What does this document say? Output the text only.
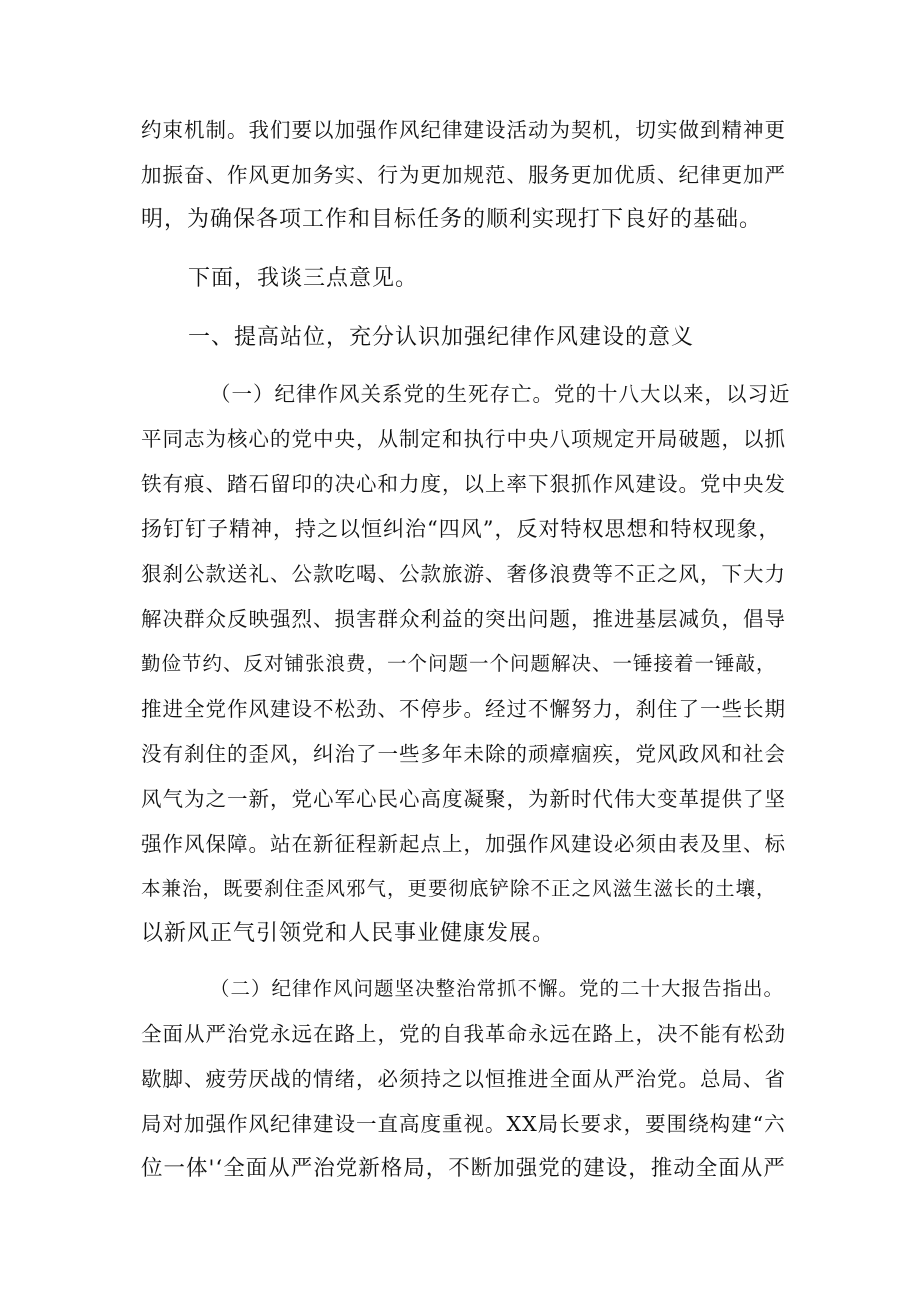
约束机制。我们要以加强作风纪律建设活动为契机，切实做到精神更
加振奋、作风更加务实、行为更加规范、服务更加优质、纪律更加严
明，为确保各项工作和目标任务的顺利实现打下良好的基础。
下面，我谈三点意见。
一、提高站位，充分认识加强纪律作风建设的意义
（一）纪律作风关系党的生死存亡。党的十八大以来，以习近
平同志为核心的党中央，从制定和执行中央八项规定开局破题，以抓
铁有痕、踏石留印的决心和力度，以上率下狠抓作风建设。党中央发
扬钉钉子精神，持之以恒纠治“四风”，反对特权思想和特权现象，
狠刹公款送礼、公款吃喝、公款旅游、奢侈浪费等不正之风，下大力
解决群众反映强烈、损害群众利益的突出问题，推进基层减负，倡导
勤俭节约、反对铺张浪费，一个问题一个问题解决、一锤接着一锤敲，
推进全党作风建设不松劲、不停步。经过不懈努力，刹住了一些长期
没有刹住的歪风，纠治了一些多年未除的顽瘴痼疾，党风政风和社会
风气为之一新，党心军心民心高度凝聚，为新时代伟大变革提供了坚
强作风保障。站在新征程新起点上，加强作风建设必须由表及里、标
本兼治，既要刹住歪风邪气，更要彻底铲除不正之风滋生滋长的土壤，
以新风正气引领党和人民事业健康发展。
（二）纪律作风问题坚决整治常抓不懈。党的二十大报告指出。
全面从严治党永远在路上，党的自我革命永远在路上，决不能有松劲
歇脚、疲劳厌战的情绪，必须持之以恒推进全面从严治党。总局、省
局对加强作风纪律建设一直高度重视。XX局长要求，要围绕构建“六
位一体'‘全面从严治党新格局，不断加强党的建设，推动全面从严
